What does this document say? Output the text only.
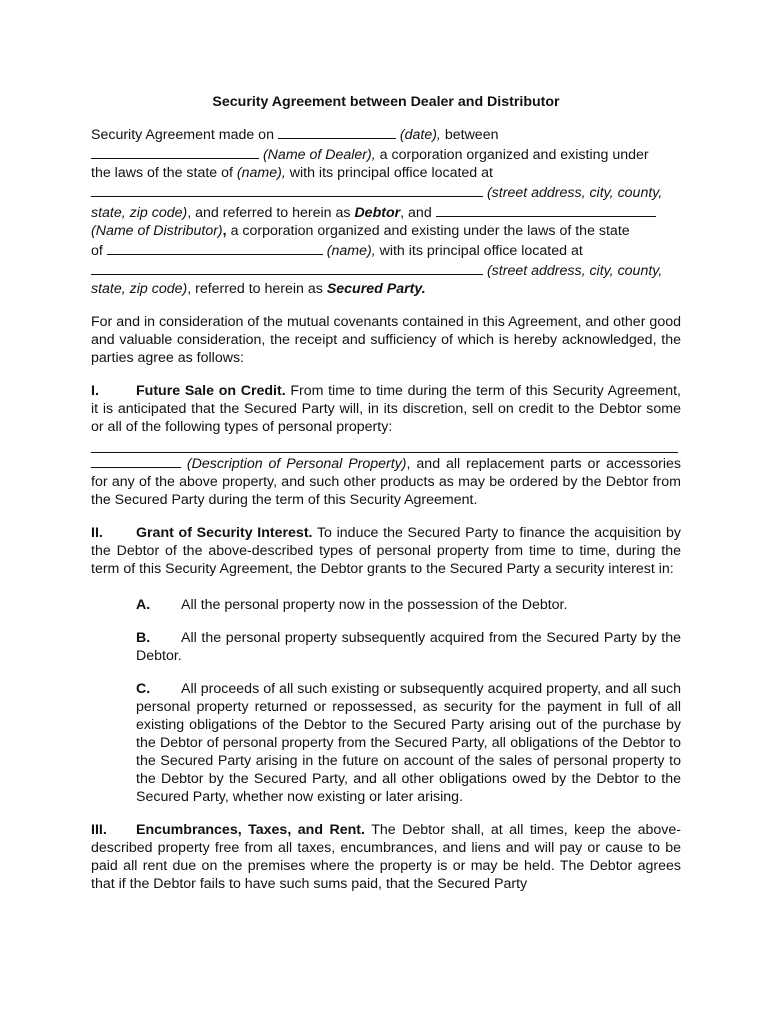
Security Agreement between Dealer and Distributor
Security Agreement made on	(date), between
(Name of Dealer), a corporation organized and existing under
the laws of the state of (name), with its principal office located at
(street address, city, county,
state, zip code), and referred to herein as Debtor, and
(Name of Distributor), a corporation organized and existing under the laws of the state
of	(name), with its principal office located at
(street address, city, county,
state, zip code), referred to herein as Secured Party.

For and in consideration of the mutual covenants contained in this Agreement, and other good and valuable consideration, the receipt and sufficiency of which is hereby acknowledged, the parties agree as follows:

I.	Future Sale on Credit. From time to time during the term of this Security Agreement, it is anticipated that the Secured Party will, in its discretion, sell on credit to the Debtor some or all of the following types of personal property:

(Description of Personal Property), and all replacement parts or accessories for any of the above property, and such other products as may be ordered by the Debtor from the Secured Party during the term of this Security Agreement.

II. Grant of Security Interest. To induce the Secured Party to finance the acquisition by the Debtor of the above-described types of personal property from time to time, during the term of this Security Agreement, the Debtor grants to the Secured Party a security interest in:

A. All the personal property now in the possession of the Debtor.

B. All the personal property subsequently acquired from the Secured Party by the Debtor.

C. All proceeds of all such existing or subsequently acquired property, and all such personal property returned or repossessed, as security for the payment in full of all existing obligations of the Debtor to the Secured Party arising out of the purchase by the Debtor of personal property from the Secured Party, all obligations of the Debtor to the Secured Party arising in the future on account of the sales of personal property to the Debtor by the Secured Party, and all other obligations owed by the Debtor to the Secured Party, whether now existing or later arising.

III. Encumbrances, Taxes, and Rent. The Debtor shall, at all times, keep the above-described property free from all taxes, encumbrances, and liens and will pay or cause to be paid all rent due on the premises where the property is or may be held. The Debtor agrees that if the Debtor fails to have such sums paid, that the Secured Party
